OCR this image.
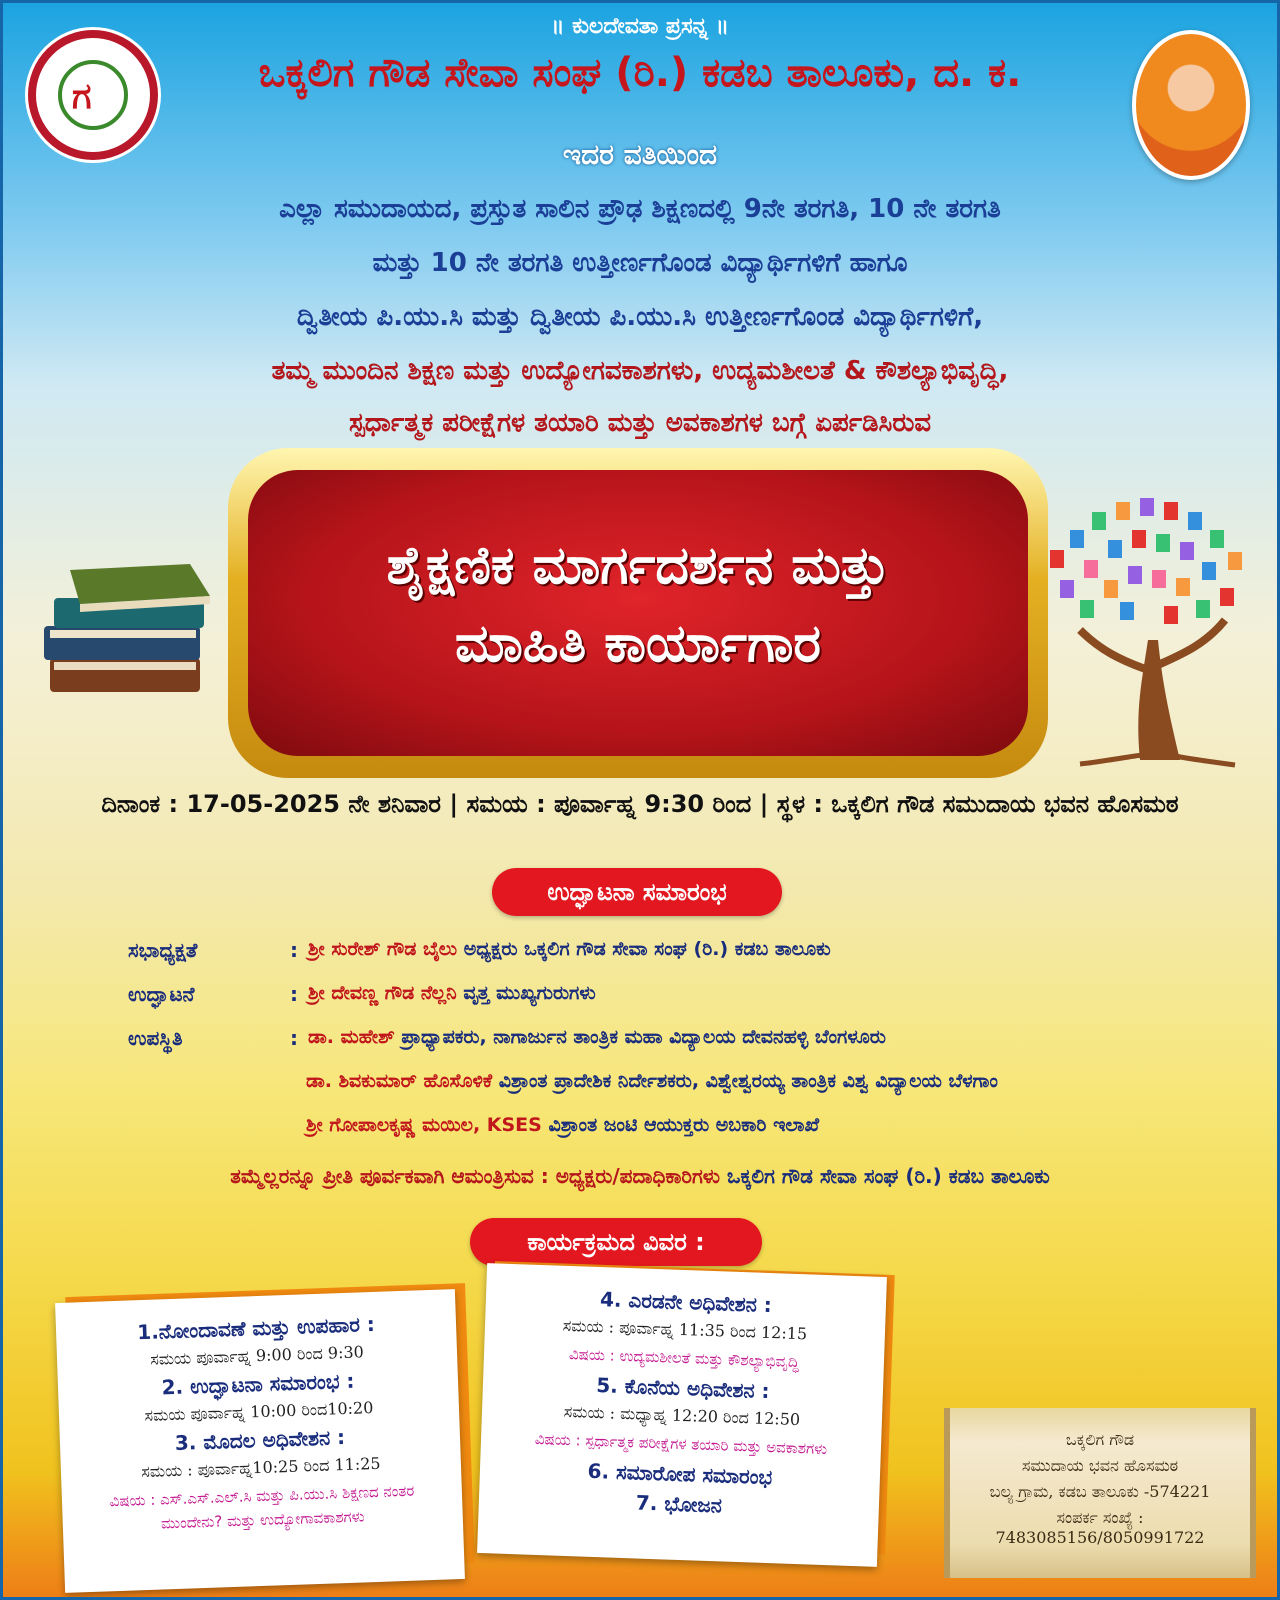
॥ ಕುಲದೇವತಾ ಪ್ರಸನ್ನ ॥
ಗ
ಒಕ್ಕಲಿಗ ಗೌಡ ಸೇವಾ ಸಂಘ (ರಿ.) ಕಡಬ ತಾಲೂಕು, ದ. ಕ.
ಇದರ ವತಿಯಿಂದ
ಎಲ್ಲಾ ಸಮುದಾಯದ, ಪ್ರಸ್ತುತ ಸಾಲಿನ ಪ್ರೌಢ ಶಿಕ್ಷಣದಲ್ಲಿ 9ನೇ ತರಗತಿ, 10 ನೇ ತರಗತಿ
ಮತ್ತು 10 ನೇ ತರಗತಿ ಉತ್ತೀರ್ಣಗೊಂಡ ವಿದ್ಯಾರ್ಥಿಗಳಿಗೆ ಹಾಗೂ
ದ್ವಿತೀಯ ಪಿ.ಯು.ಸಿ ಮತ್ತು ದ್ವಿತೀಯ ಪಿ.ಯು.ಸಿ ಉತ್ತೀರ್ಣಗೊಂಡ ವಿದ್ಯಾರ್ಥಿಗಳಿಗೆ,
ತಮ್ಮ ಮುಂದಿನ ಶಿಕ್ಷಣ ಮತ್ತು ಉದ್ಯೋಗವಕಾಶಗಳು, ಉದ್ಯಮಶೀಲತೆ & ಕೌಶಲ್ಯಾಭಿವೃದ್ಧಿ,
ಸ್ಪರ್ಧಾತ್ಮಕ ಪರೀಕ್ಷೆಗಳ ತಯಾರಿ ಮತ್ತು ಅವಕಾಶಗಳ ಬಗ್ಗೆ ಏರ್ಪಡಿಸಿರುವ
ಶೈಕ್ಷಣಿಕ ಮಾರ್ಗದರ್ಶನ ಮತ್ತು
ಮಾಹಿತಿ ಕಾರ್ಯಾಗಾರ
ದಿನಾಂಕ : 17-05-2025 ನೇ ಶನಿವಾರ | ಸಮಯ : ಪೂರ್ವಾಹ್ನ 9:30 ರಿಂದ | ಸ್ಥಳ : ಒಕ್ಕಲಿಗ ಗೌಡ ಸಮುದಾಯ ಭವನ ಹೊಸಮಠ
ಉದ್ಘಾಟನಾ ಸಮಾರಂಭ
ಸಭಾಧ್ಯಕ್ಷತೆ
ಉದ್ಘಾಟನೆ
ಉಪಸ್ಥಿತಿ
:
:
:
ಶ್ರೀ ಸುರೇಶ್ ಗೌಡ ಬೈಲು ಅಧ್ಯಕ್ಷರು ಒಕ್ಕಲಿಗ ಗೌಡ ಸೇವಾ ಸಂಘ (ರಿ.) ಕಡಬ ತಾಲೂಕು
ಶ್ರೀ ದೇವಣ್ಣ ಗೌಡ ನೆಲ್ಲನಿ ವೃತ್ತ ಮುಖ್ಯಗುರುಗಳು
ಡಾ. ಮಹೇಶ್ ಪ್ರಾಧ್ಯಾಪಕರು, ನಾಗಾರ್ಜುನ ತಾಂತ್ರಿಕ ಮಹಾ ವಿದ್ಯಾಲಯ ದೇವನಹಳ್ಳಿ ಬೆಂಗಳೂರು
ಡಾ. ಶಿವಕುಮಾರ್ ಹೊಸೊಳಿಕೆ ವಿಶ್ರಾಂತ ಪ್ರಾದೇಶಿಕ ನಿರ್ದೇಶಕರು, ವಿಶ್ವೇಶ್ವರಯ್ಯ ತಾಂತ್ರಿಕ ವಿಶ್ವ ವಿದ್ಯಾಲಯ ಬೆಳಗಾಂ
ಶ್ರೀ ಗೋಪಾಲಕೃಷ್ಣ ಮಯಿಲ, KSES ವಿಶ್ರಾಂತ ಜಂಟಿ ಆಯುಕ್ತರು ಅಬಕಾರಿ ಇಲಾಖೆ
ತಮ್ಮೆಲ್ಲರನ್ನೂ ಪ್ರೀತಿ ಪೂರ್ವಕವಾಗಿ ಆಮಂತ್ರಿಸುವ : ಅಧ್ಯಕ್ಷರು/ಪದಾಧಿಕಾರಿಗಳು ಒಕ್ಕಲಿಗ ಗೌಡ ಸೇವಾ ಸಂಘ (ರಿ.) ಕಡಬ ತಾಲೂಕು
ಕಾರ್ಯಕ್ರಮದ ವಿವರ :
1.ನೋಂದಾವಣೆ ಮತ್ತು ಉಪಹಾರ :
ಸಮಯ ಪೂರ್ವಾಹ್ನ 9:00 ರಿಂದ 9:30
2. ಉದ್ಘಾಟನಾ ಸಮಾರಂಭ :
ಸಮಯ ಪೂರ್ವಾಹ್ನ 10:00 ರಿಂದ10:20
3. ಮೊದಲ ಅಧಿವೇಶನ :
ಸಮಯ : ಪೂರ್ವಾಹ್ನ10:25 ರಿಂದ 11:25
ವಿಷಯ : ಎಸ್.ಎಸ್.ಎಲ್.ಸಿ ಮತ್ತು ಪಿ.ಯು.ಸಿ ಶಿಕ್ಷಣದ ನಂತರ
ಮುಂದೇನು? ಮತ್ತು ಉದ್ಯೋಗಾವಕಾಶಗಳು
4. ಎರಡನೇ ಅಧಿವೇಶನ :
ಸಮಯ : ಪೂರ್ವಾಹ್ನ 11:35 ರಿಂದ 12:15
ವಿಷಯ : ಉದ್ಯಮಶೀಲತೆ ಮತ್ತು ಕೌಶಲ್ಯಾಭಿವೃದ್ಧಿ
5. ಕೊನೆಯ ಅಧಿವೇಶನ :
ಸಮಯ : ಮಧ್ಯಾಹ್ನ 12:20 ರಿಂದ 12:50
ವಿಷಯ : ಸ್ಪರ್ಧಾತ್ಮಕ ಪರೀಕ್ಷೆಗಳ ತಯಾರಿ ಮತ್ತು ಅವಕಾಶಗಳು
6. ಸಮಾರೋಪ ಸಮಾರಂಭ
7. ಭೋಜನ
ಒಕ್ಕಲಿಗ ಗೌಡ
ಸಮುದಾಯ ಭವನ ಹೊಸಮಠ
ಬಲ್ಯ ಗ್ರಾಮ, ಕಡಬ ತಾಲೂಕು -574221
ಸಂಪರ್ಕ ಸಂಖ್ಯೆ : 7483085156/8050991722
